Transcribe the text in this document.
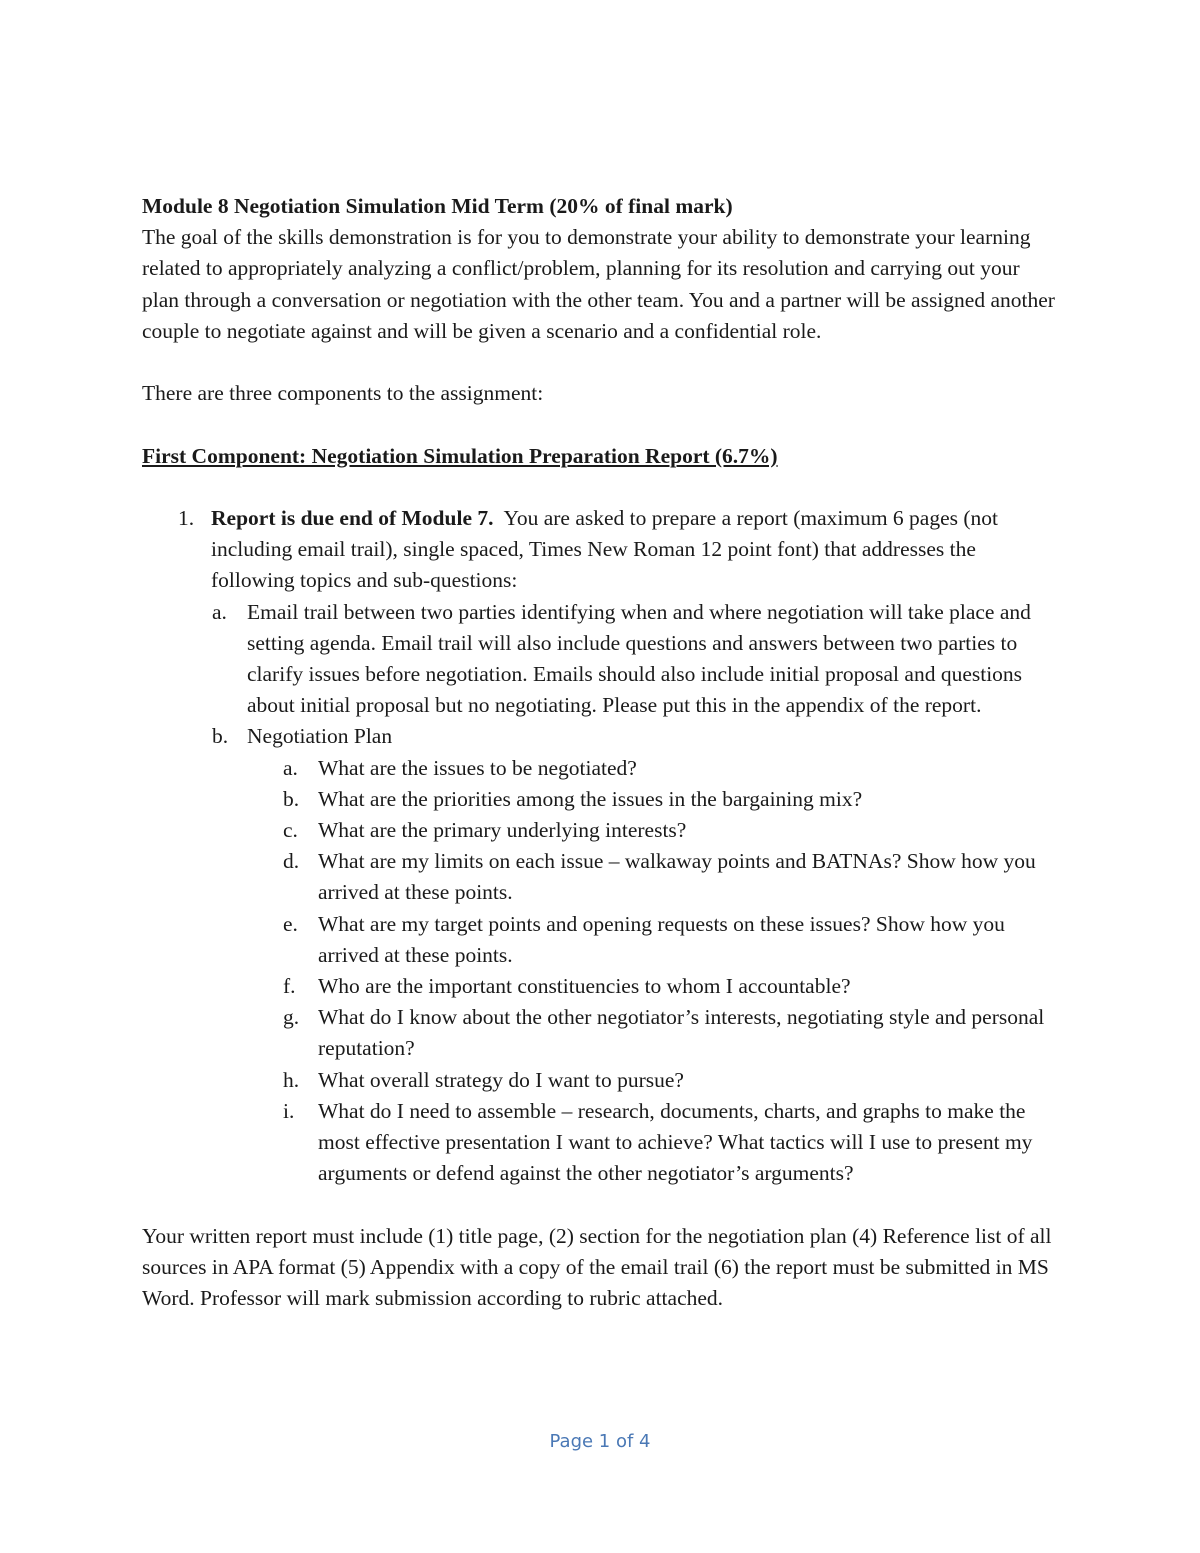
Module 8 Negotiation Simulation Mid Term (20% of final mark)

The goal of the skills demonstration is for you to demonstrate your ability to demonstrate your learning related to appropriately analyzing a conflict/problem, planning for its resolution and carrying out your plan through a conversation or negotiation with the other team. You and a partner will be assigned another couple to negotiate against and will be given a scenario and a confidential role.

There are three components to the assignment:

First Component: Negotiation Simulation Preparation Report (6.7%)

1. Report is due end of Module 7.  You are asked to prepare a report (maximum 6 pages (not including email trail), single spaced, Times New Roman 12 point font) that addresses the following topics and sub-questions:
a. Email trail between two parties identifying when and where negotiation will take place and setting agenda. Email trail will also include questions and answers between two parties to clarify issues before negotiation. Emails should also include initial proposal and questions about initial proposal but no negotiating. Please put this in the appendix of the report.
b. Negotiation Plan
a. What are the issues to be negotiated?
b. What are the priorities among the issues in the bargaining mix?
c. What are the primary underlying interests?
d. What are my limits on each issue – walkaway points and BATNAs? Show how you arrived at these points.
e. What are my target points and opening requests on these issues? Show how you arrived at these points.
f. Who are the important constituencies to whom I accountable?
g. What do I know about the other negotiator’s interests, negotiating style and personal reputation?
h. What overall strategy do I want to pursue?
i. What do I need to assemble – research, documents, charts, and graphs to make the most effective presentation I want to achieve? What tactics will I use to present my arguments or defend against the other negotiator’s arguments?

Your written report must include (1) title page, (2) section for the negotiation plan (4) Reference list of all sources in APA format (5) Appendix with a copy of the email trail (6) the report must be submitted in MS Word. Professor will mark submission according to rubric attached.

Page 1 of 4
